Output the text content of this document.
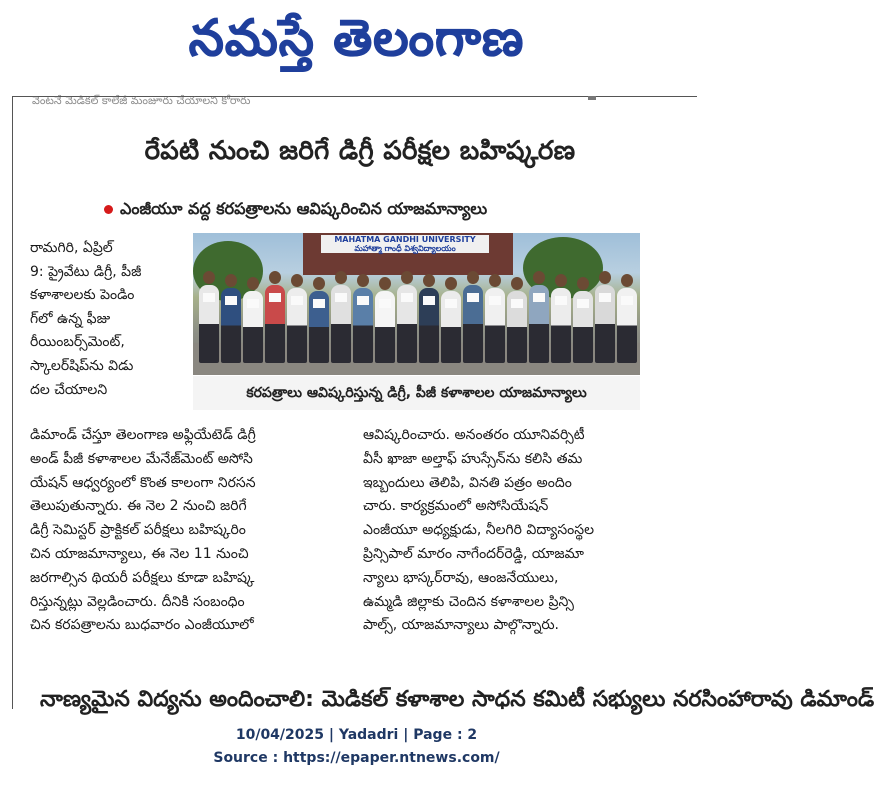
నమస్తే తెలంగాణ
వెంటనే మెడికల్ కాలేజీ మంజూరు చేయాలని కోరారు
రేపటి నుంచి జరిగే డిగ్రీ పరీక్షల బహిష్కరణ
ఎంజీయూ వద్ద కరపత్రాలను ఆవిష్కరించిన యాజమాన్యాలు
రామగిరి, ఏప్రిల్
9: ప్రైవేటు డిగ్రీ, పీజీ
కళాశాలలకు పెండిం
గ్‌లో ఉన్న ఫీజు
రీయింబర్స్‌మెంట్,
స్కాలర్‌షిప్‌ను విడు
దల చేయాలని
MAHATMA GANDHI UNIVERSITY మహాత్మా గాంధీ విశ్వవిద్యాలయం
కరపత్రాలు ఆవిష్కరిస్తున్న డిగ్రీ, పీజీ కళాశాలల యాజమాన్యాలు
డిమాండ్ చేస్తూ తెలంగాణ అఫ్లియేటెడ్ డిగ్రీ
అండ్ పీజీ కళాశాలల మేనేజ్‌మెంట్ అసోసి
యేషన్ ఆధ్వర్యంలో కొంత కాలంగా నిరసన
తెలుపుతున్నారు. ఈ నెల 2 నుంచి జరిగే
డిగ్రీ సెమిస్టర్ ప్రాక్టికల్ పరీక్షలు బహిష్కరిం
చిన యాజమాన్యాలు, ఈ నెల 11 నుంచి
జరగాల్సిన థియరీ పరీక్షలు కూడా బహిష్క
రిస్తున్నట్లు వెల్లడించారు. దీనికి సంబంధిం
చిన కరపత్రాలను బుధవారం ఎంజీయూలో
ఆవిష్కరించారు. అనంతరం యూనివర్సిటీ
వీసీ ఖాజా అల్తాఫ్ హుస్సేన్‌ను కలిసి తమ
ఇబ్బందులు తెలిపి, వినతి పత్రం అందిం
చారు. కార్యక్రమంలో అసోసియేషన్
ఎంజీయూ అధ్యక్షుడు, నీలగిరి విద్యాసంస్థల
ప్రిన్సిపాల్ మారం నాగేందర్‌రెడ్డి, యాజమా
న్యాలు భాస్కర్‌రావు, ఆంజనేయులు,
ఉమ్మడి జిల్లాకు చెందిన కళాశాలల ప్రిన్సి
పాల్స్, యాజమాన్యాలు పాల్గొన్నారు.
నాణ్యమైన విద్యను అందించాలి: మెడికల్ కళాశాల సాధన కమిటీ సభ్యులు నరసింహారావు డిమాండ్
10/04/2025 | Yadadri | Page : 2
Source : https://epaper.ntnews.com/
